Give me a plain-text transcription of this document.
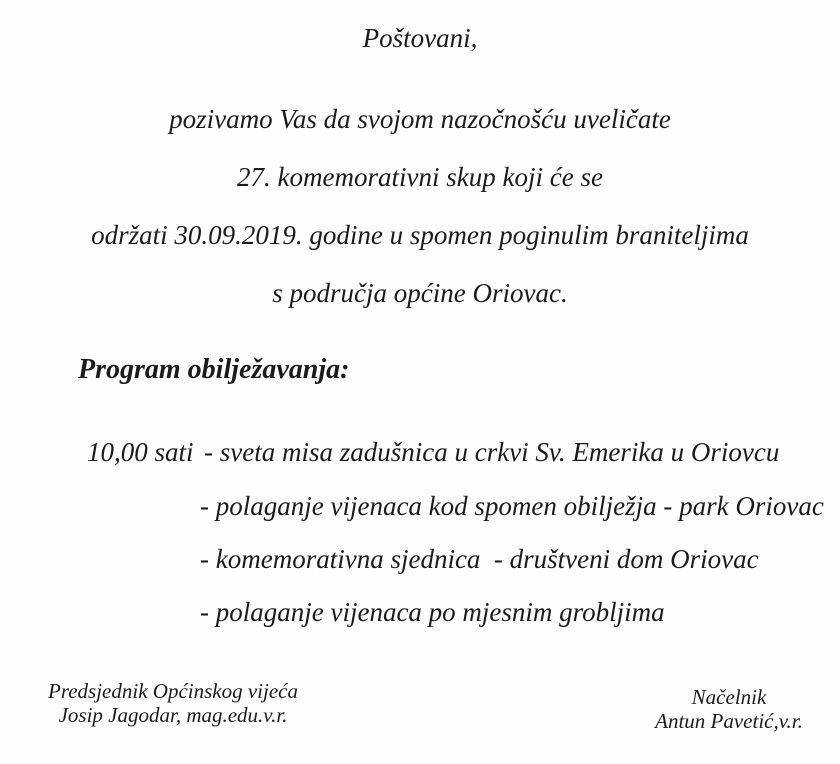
Poštovani,
pozivamo Vas da svojom nazočnošću uveličate
27. komemorativni skup koji će se
održati 30.09.2019. godine u spomen poginulim braniteljima
s područja općine Oriovac.
Program obilježavanja:
10,00 sati - sveta misa zadušnica u crkvi Sv. Emerika u Oriovcu
- polaganje vijenaca kod spomen obilježja - park Oriovac
- komemorativna sjednica  - društveni dom Oriovac
- polaganje vijenaca po mjesnim grobljima
Predsjednik Općinskog vijeća
Josip Jagodar, mag.edu.v.r.
Načelnik
Antun Pavetić,v.r.
